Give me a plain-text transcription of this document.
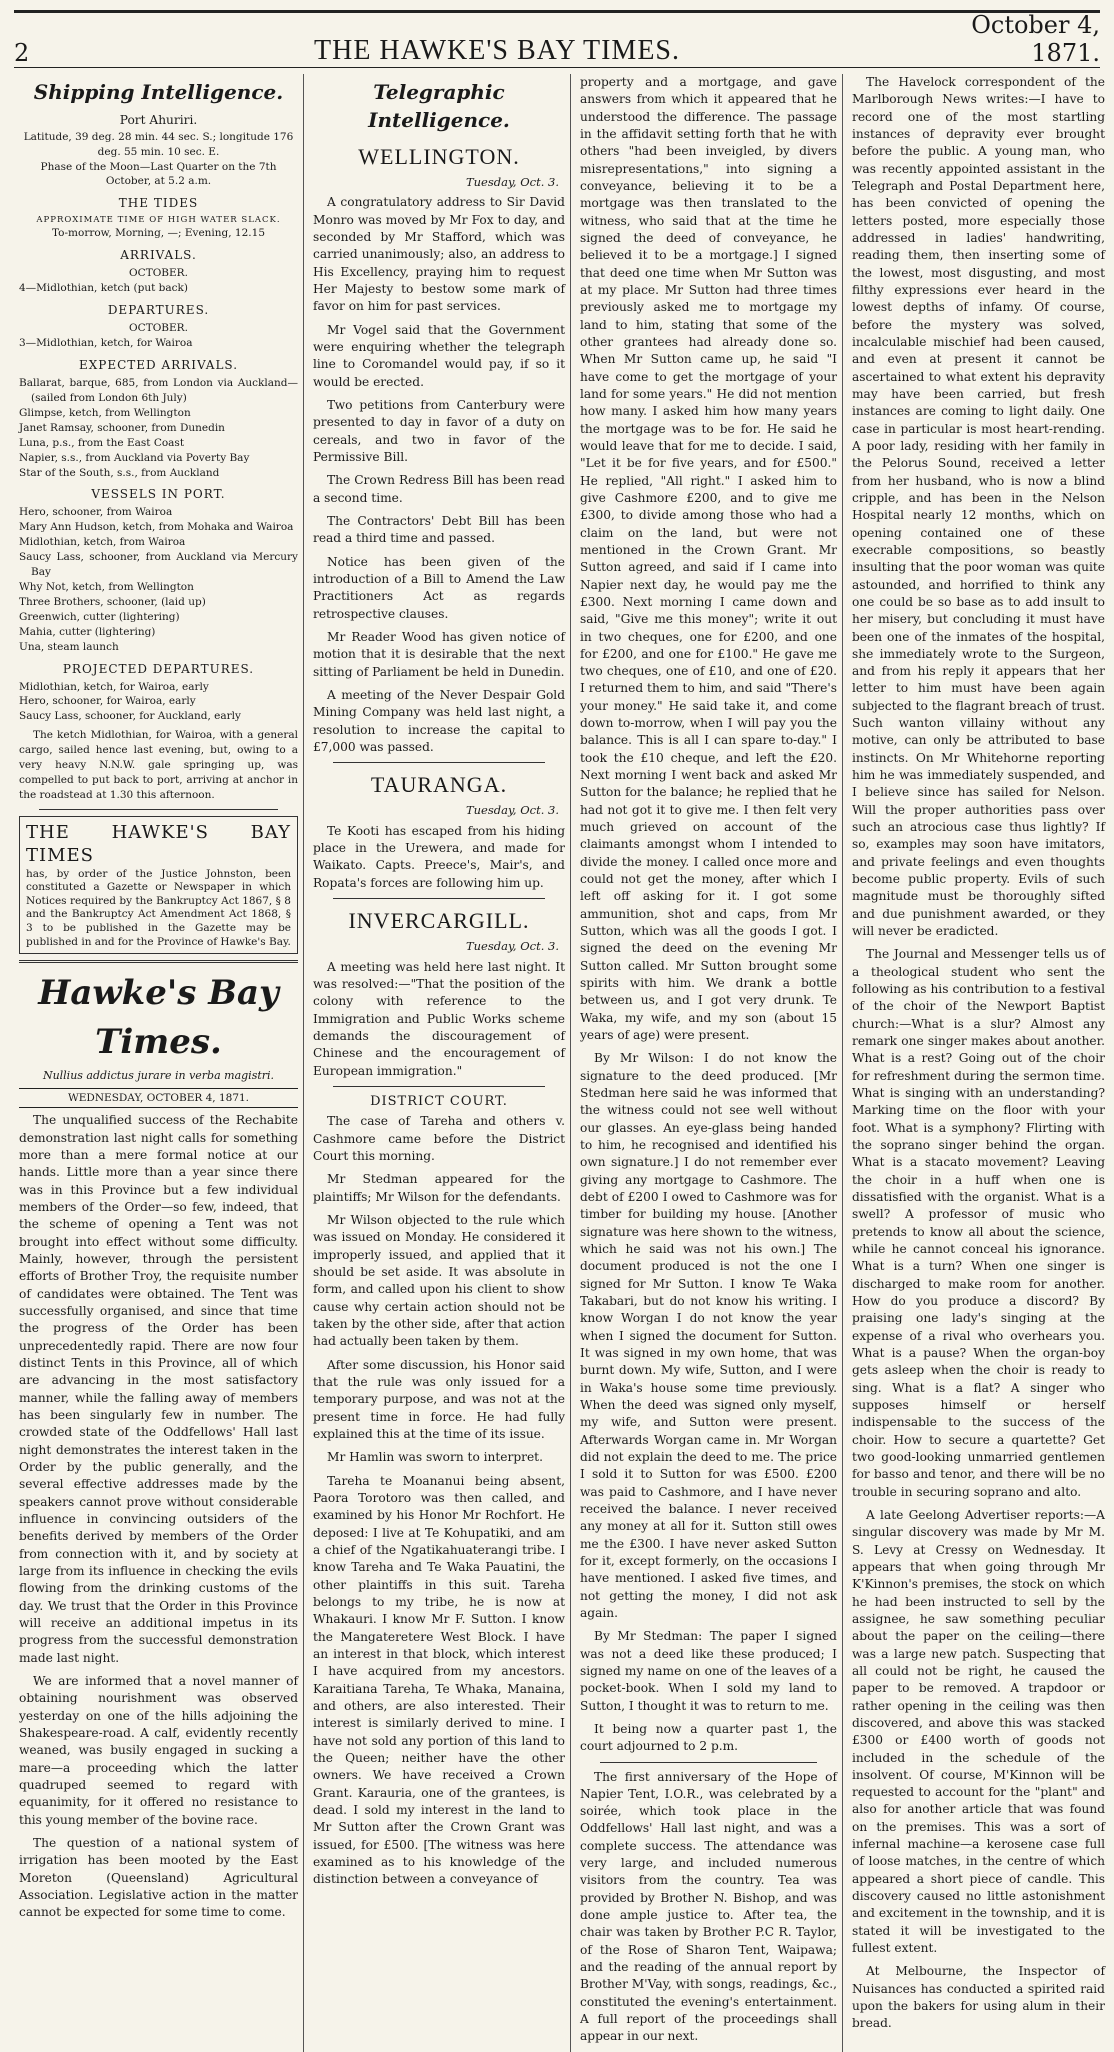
2	THE HAWKE'S BAY TIMES.
October 4, 1871.
Shipping Intelligence.
Port Ahuriri.
Latitude, 39 deg. 28 min. 44 sec. S.; longitude 176 deg. 55 min. 10 sec. E.
Phase of the Moon—Last Quarter on the 7th October, at 5.2 a.m.
THE TIDES
APPROXIMATE TIME OF HIGH WATER SLACK.
To-morrow, Morning, —; Evening, 12.15
ARRIVALS.
OCTOBER.
4—Midlothian, ketch (put back)
DEPARTURES.
OCTOBER.
3—Midlothian, ketch, for Wairoa
EXPECTED ARRIVALS.
Ballarat, barque, 685, from London via Auckland—(sailed from London 6th July)
Glimpse, ketch, from Wellington
Janet Ramsay, schooner, from Dunedin
Luna, p.s., from the East Coast
Napier, s.s., from Auckland via Poverty Bay
Star of the South, s.s., from Auckland
VESSELS IN PORT.
Hero, schooner, from Wairoa
Mary Ann Hudson, ketch, from Mohaka and Wairoa
Midlothian, ketch, from Wairoa
Saucy Lass, schooner, from Auckland via Mercury Bay
Why Not, ketch, from Wellington
Three Brothers, schooner, (laid up)
Greenwich, cutter (lightering)
Mahia, cutter (lightering)
Una, steam launch
PROJECTED DEPARTURES.
Midlothian, ketch, for Wairoa, early
Hero, schooner, for Wairoa, early
Saucy Lass, schooner, for Auckland, early

The ketch Midlothian, for Wairoa, with a general cargo, sailed hence last evening, but, owing to a very heavy N.N.W. gale springing up, was compelled to put back to port, arriving at anchor in the roadstead at 1.30 this afternoon.

THE HAWKE'S BAY TIMES
has, by order of the Justice Johnston, been constituted a Gazette or Newspaper in which Notices required by the Bankruptcy Act 1867, § 8 and the Bankruptcy Act Amendment Act 1868, § 3 to be published in the Gazette may be published in and for the Province of Hawke's Bay.
Hawke's Bay Times.
Nullius addictus jurare in verba magistri.
WEDNESDAY, OCTOBER 4, 1871.

The unqualified success of the Rechabite demonstration last night calls for something more than a mere formal notice at our hands. Little more than a year since there was in this Province but a few individual members of the Order—so few, indeed, that the scheme of opening a Tent was not brought into effect without some difficulty. Mainly, however, through the persistent efforts of Brother Troy, the requisite number of candidates were obtained. The Tent was successfully organised, and since that time the progress of the Order has been unprecedentedly rapid. There are now four distinct Tents in this Province, all of which are advancing in the most satisfactory manner, while the falling away of members has been singularly few in number. The crowded state of the Oddfellows' Hall last night demonstrates the interest taken in the Order by the public generally, and the several effective addresses made by the speakers cannot prove without considerable influence in convincing outsiders of the benefits derived by members of the Order from connection with it, and by society at large from its influence in checking the evils flowing from the drinking customs of the day. We trust that the Order in this Province will receive an additional impetus in its progress from the successful demonstration made last night.

We are informed that a novel manner of obtaining nourishment was observed yesterday on one of the hills adjoining the Shakespeare-road. A calf, evidently recently weaned, was busily engaged in sucking a mare—a proceeding which the latter quadruped seemed to regard with equanimity, for it offered no resistance to this young member of the bovine race.

The question of a national system of irrigation has been mooted by the East Moreton (Queensland) Agricultural Association. Legislative action in the matter cannot be expected for some time to come.

Telegraphic Intelligence.
WELLINGTON.
Tuesday, Oct. 3.

A congratulatory address to Sir David Monro was moved by Mr Fox to day, and seconded by Mr Stafford, which was carried unanimously; also, an address to His Excellency, praying him to request Her Majesty to bestow some mark of favor on him for past services.

Mr Vogel said that the Government were enquiring whether the telegraph line to Coromandel would pay, if so it would be erected.

Two petitions from Canterbury were presented to day in favor of a duty on cereals, and two in favor of the Permissive Bill.

The Crown Redress Bill has been read a second time.

The Contractors' Debt Bill has been read a third time and passed.

Notice has been given of the introduction of a Bill to Amend the Law Practitioners Act as regards retrospective clauses.

Mr Reader Wood has given notice of motion that it is desirable that the next sitting of Parliament be held in Dunedin.

A meeting of the Never Despair Gold Mining Company was held last night, a resolution to increase the capital to £7,000 was passed.

TAURANGA.
Tuesday, Oct. 3.

Te Kooti has escaped from his hiding place in the Urewera, and made for Waikato. Capts. Preece's, Mair's, and Ropata's forces are following him up.

INVERCARGILL.
Tuesday, Oct. 3.

A meeting was held here last night. It was resolved:—"That the position of the colony with reference to the Immigration and Public Works scheme demands the discouragement of Chinese and the encouragement of European immigration."

DISTRICT COURT.

The case of Tareha and others v. Cashmore came before the District Court this morning.

Mr Stedman appeared for the plaintiffs; Mr Wilson for the defendants.

Mr Wilson objected to the rule which was issued on Monday. He considered it improperly issued, and applied that it should be set aside. It was absolute in form, and called upon his client to show cause why certain action should not be taken by the other side, after that action had actually been taken by them.

After some discussion, his Honor said that the rule was only issued for a temporary purpose, and was not at the present time in force. He had fully explained this at the time of its issue.

Mr Hamlin was sworn to interpret.

Tareha te Moananui being absent, Paora Torotoro was then called, and examined by his Honor Mr Rochfort. He deposed: I live at Te Kohupatiki, and am a chief of the Ngatikahuaterangi tribe. I know Tareha and Te Waka Pauatini, the other plaintiffs in this suit. Tareha belongs to my tribe, he is now at Whakauri. I know Mr F. Sutton. I know the Mangateretere West Block. I have an interest in that block, which interest I have acquired from my ancestors. Karaitiana Tareha, Te Whaka, Manaina, and others, are also interested. Their interest is similarly derived to mine. I have not sold any portion of this land to the Queen; neither have the other owners. We have received a Crown Grant. Karauria, one of the grantees, is dead. I sold my interest in the land to Mr Sutton after the Crown Grant was issued, for £500. [The witness was here examined as to his knowledge of the distinction between a conveyance of

property and a mortgage, and gave answers from which it appeared that he understood the difference. The passage in the affidavit setting forth that he with others "had been inveigled, by divers misrepresentations," into signing a conveyance, believing it to be a mortgage was then translated to the witness, who said that at the time he signed the deed of conveyance, he believed it to be a mortgage.] I signed that deed one time when Mr Sutton was at my place. Mr Sutton had three times previously asked me to mortgage my land to him, stating that some of the other grantees had already done so. When Mr Sutton came up, he said "I have come to get the mortgage of your land for some years." He did not mention how many. I asked him how many years the mortgage was to be for. He said he would leave that for me to decide. I said, "Let it be for five years, and for £500." He replied, "All right." I asked him to give Cashmore £200, and to give me £300, to divide among those who had a claim on the land, but were not mentioned in the Crown Grant. Mr Sutton agreed, and said if I came into Napier next day, he would pay me the £300. Next morning I came down and said, "Give me this money"; write it out in two cheques, one for £200, and one for £200, and one for £100." He gave me two cheques, one of £10, and one of £20. I returned them to him, and said "There's your money." He said take it, and come down to-morrow, when I will pay you the balance. This is all I can spare to-day." I took the £10 cheque, and left the £20. Next morning I went back and asked Mr Sutton for the balance; he replied that he had not got it to give me. I then felt very much grieved on account of the claimants amongst whom I intended to divide the money. I called once more and could not get the money, after which I left off asking for it. I got some ammunition, shot and caps, from Mr Sutton, which was all the goods I got. I signed the deed on the evening Mr Sutton called. Mr Sutton brought some spirits with him. We drank a bottle between us, and I got very drunk. Te Waka, my wife, and my son (about 15 years of age) were present.

By Mr Wilson: I do not know the signature to the deed produced. [Mr Stedman here said he was informed that the witness could not see well without our glasses. An eye-glass being handed to him, he recognised and identified his own signature.] I do not remember ever giving any mortgage to Cashmore. The debt of £200 I owed to Cashmore was for timber for building my house. [Another signature was here shown to the witness, which he said was not his own.] The document produced is not the one I signed for Mr Sutton. I know Te Waka Takabari, but do not know his writing. I know Worgan I do not know the year when I signed the document for Sutton. It was signed in my own home, that was burnt down. My wife, Sutton, and I were in Waka's house some time previously. When the deed was signed only myself, my wife, and Sutton were present. Afterwards Worgan came in. Mr Worgan did not explain the deed to me. The price I sold it to Sutton for was £500. £200 was paid to Cashmore, and I have never received the balance. I never received any money at all for it. Sutton still owes me the £300. I have never asked Sutton for it, except formerly, on the occasions I have mentioned. I asked five times, and not getting the money, I did not ask again.

By Mr Stedman: The paper I signed was not a deed like these produced; I signed my name on one of the leaves of a pocket-book. When I sold my land to Sutton, I thought it was to return to me.

It being now a quarter past 1, the court adjourned to 2 p.m.

The first anniversary of the Hope of Napier Tent, I.O.R., was celebrated by a soirée, which took place in the Oddfellows' Hall last night, and was a complete success. The attendance was very large, and included numerous visitors from the country. Tea was provided by Brother N. Bishop, and was done ample justice to. After tea, the chair was taken by Brother P.C R. Taylor, of the Rose of Sharon Tent, Waipawa; and the reading of the annual report by Brother M'Vay, with songs, readings, &c., constituted the evening's entertainment. A full report of the proceedings shall appear in our next.

The Havelock correspondent of the Marlborough News writes:—I have to record one of the most startling instances of depravity ever brought before the public. A young man, who was recently appointed assistant in the Telegraph and Postal Department here, has been convicted of opening the letters posted, more especially those addressed in ladies' handwriting, reading them, then inserting some of the lowest, most disgusting, and most filthy expressions ever heard in the lowest depths of infamy. Of course, before the mystery was solved, incalculable mischief had been caused, and even at present it cannot be ascertained to what extent his depravity may have been carried, but fresh instances are coming to light daily. One case in particular is most heart-rending. A poor lady, residing with her family in the Pelorus Sound, received a letter from her husband, who is now a blind cripple, and has been in the Nelson Hospital nearly 12 months, which on opening contained one of these execrable compositions, so beastly insulting that the poor woman was quite astounded, and horrified to think any one could be so base as to add insult to her misery, but concluding it must have been one of the inmates of the hospital, she immediately wrote to the Surgeon, and from his reply it appears that her letter to him must have been again subjected to the flagrant breach of trust. Such wanton villainy without any motive, can only be attributed to base instincts. On Mr Whitehorne reporting him he was immediately suspended, and I believe since has sailed for Nelson. Will the proper authorities pass over such an atrocious case thus lightly? If so, examples may soon have imitators, and private feelings and even thoughts become public property. Evils of such magnitude must be thoroughly sifted and due punishment awarded, or they will never be eradicted.

The Journal and Messenger tells us of a theological student who sent the following as his contribution to a festival of the choir of the Newport Baptist church:—What is a slur? Almost any remark one singer makes about another. What is a rest? Going out of the choir for refreshment during the sermon time. What is singing with an understanding? Marking time on the floor with your foot. What is a symphony? Flirting with the soprano singer behind the organ. What is a stacato movement? Leaving the choir in a huff when one is dissatisfied with the organist. What is a swell? A professor of music who pretends to know all about the science, while he cannot conceal his ignorance. What is a turn? When one singer is discharged to make room for another. How do you produce a discord? By praising one lady's singing at the expense of a rival who overhears you. What is a pause? When the organ-boy gets asleep when the choir is ready to sing. What is a flat? A singer who supposes himself or herself indispensable to the success of the choir. How to secure a quartette? Get two good-looking unmarried gentlemen for basso and tenor, and there will be no trouble in securing soprano and alto.

A late Geelong Advertiser reports:—A singular discovery was made by Mr M. S. Levy at Cressy on Wednesday. It appears that when going through Mr K'Kinnon's premises, the stock on which he had been instructed to sell by the assignee, he saw something peculiar about the paper on the ceiling—there was a large new patch. Suspecting that all could not be right, he caused the paper to be removed. A trapdoor or rather opening in the ceiling was then discovered, and above this was stacked £300 or £400 worth of goods not included in the schedule of the insolvent. Of course, M'Kinnon will be requested to account for the "plant" and also for another article that was found on the premises. This was a sort of infernal machine—a kerosene case full of loose matches, in the centre of which appeared a short piece of candle. This discovery caused no little astonishment and excitement in the township, and it is stated it will be investigated to the fullest extent.

At Melbourne, the Inspector of Nuisances has conducted a spirited raid upon the bakers for using alum in their bread.
